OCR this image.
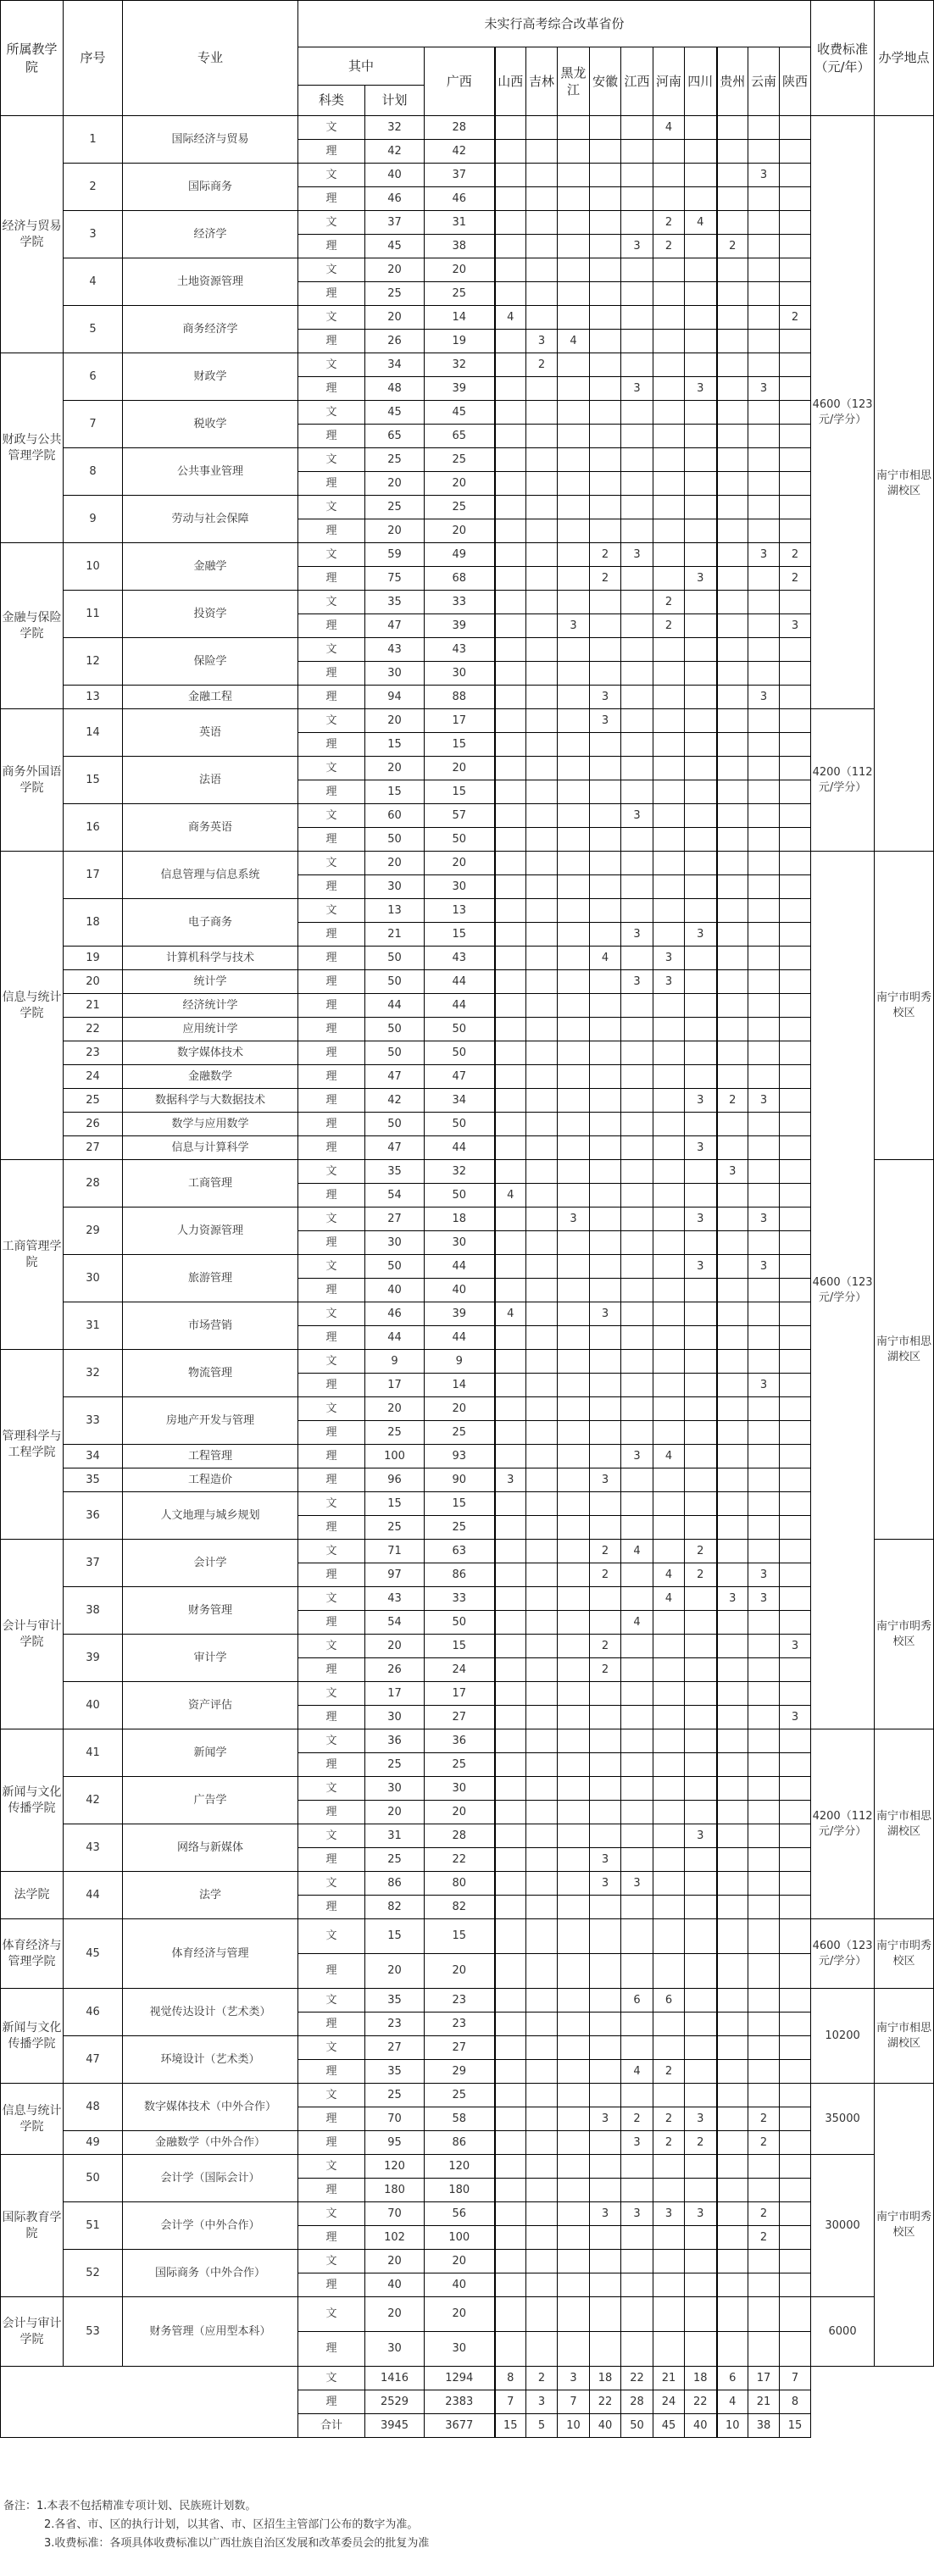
所属教学院	序号	专业	未实行高考综合改革省份													收费标准（元/年）	办学地点
			其中		广西	山西	吉林	黑龙江	安徽	江西	河南	四川	贵州	云南	陕西		
			科类	计划													
经济与贸易学院	1	国际经济与贸易	文	32	28						4					4600（123元/学分）	南宁市相思湖校区
			理	42	42												
	2	国际商务	文	40	37									3			
			理	46	46												
	3	经济学	文	37	31						2	4					
			理	45	38					3	2		2				
	4	土地资源管理	文	20	20												
			理	25	25												
	5	商务经济学	文	20	14	4									2		
			理	26	19		3	4									
财政与公共管理学院	6	财政学	文	34	32		2										
			理	48	39					3		3		3			
	7	税收学	文	45	45												
			理	65	65												
	8	公共事业管理	文	25	25												
			理	20	20												
	9	劳动与社会保障	文	25	25												
			理	20	20												
金融与保险学院	10	金融学	文	59	49				2	3				3	2		
			理	75	68				2			3			2		
	11	投资学	文	35	33						2						
			理	47	39			3			2				3		
	12	保险学	文	43	43												
			理	30	30												
	13	金融工程	理	94	88				3					3			
商务外国语学院	14	英语	文	20	17				3							4200（112元/学分）	
			理	15	15												
	15	法语	文	20	20												
			理	15	15												
	16	商务英语	文	60	57					3							
			理	50	50												
信息与统计学院	17	信息管理与信息系统	文	20	20											4600（123元/学分）	南宁市明秀校区
			理	30	30												
	18	电子商务	文	13	13												
			理	21	15					3		3					
	19	计算机科学与技术	理	50	43				4		3						
	20	统计学	理	50	44					3	3						
	21	经济统计学	理	44	44												
	22	应用统计学	理	50	50												
	23	数字媒体技术	理	50	50												
	24	金融数学	理	47	47												
	25	数据科学与大数据技术	理	42	34							3	2	3			
	26	数学与应用数学	理	50	50												
	27	信息与计算科学	理	47	44							3					
工商管理学院	28	工商管理	文	35	32								3				南宁市相思湖校区
			理	54	50	4											
	29	人力资源管理	文	27	18			3				3		3			
			理	30	30												
	30	旅游管理	文	50	44							3		3			
			理	40	40												
	31	市场营销	文	46	39	4			3								
			理	44	44												
管理科学与工程学院	32	物流管理	文	9	9												
			理	17	14									3			
	33	房地产开发与管理	文	20	20												
			理	25	25												
	34	工程管理	理	100	93					3	4						
	35	工程造价	理	96	90	3			3								
	36	人文地理与城乡规划	文	15	15												
			理	25	25												
会计与审计学院	37	会计学	文	71	63				2	4		2					南宁市明秀校区
			理	97	86				2		4	2		3			
	38	财务管理	文	43	33						4		3	3			
			理	54	50					4							
	39	审计学	文	20	15				2						3		
			理	26	24				2								
	40	资产评估	文	17	17												
			理	30	27										3		
新闻与文化传播学院	41	新闻学	文	36	36											4200（112元/学分）	南宁市相思湖校区
			理	25	25												
	42	广告学	文	30	30												
			理	20	20												
	43	网络与新媒体	文	31	28							3					
			理	25	22				3								
法学院	44	法学	文	86	80				3	3							
			理	82	82												
体育经济与管理学院	45	体育经济与管理	文	15	15											4600（123元/学分）	南宁市明秀校区
			理	20	20												
新闻与文化传播学院	46	视觉传达设计（艺术类）	文	35	23					6	6					10200	南宁市相思湖校区
			理	23	23												
	47	环境设计（艺术类）	文	27	27												
			理	35	29					4	2						
信息与统计学院	48	数字媒体技术（中外合作）	文	25	25											35000	南宁市明秀校区
			理	70	58				3	2	2	3		2			
	49	金融数学（中外合作）	理	95	86					3	2	2		2			
国际教育学院	50	会计学（国际会计）	文	120	120											30000	
			理	180	180												
	51	会计学（中外合作）	文	70	56				3	3	3	3		2			
			理	102	100									2			
	52	国际商务（中外合作）	文	20	20												
			理	40	40												
会计与审计学院	53	财务管理（应用型本科）	文	20	20											6000	
			理	30	30												
			文	1416	1294	8	2	3	18	22	21	18	6	17	7		
			理	2529	2383	7	3	7	22	28	24	22	4	21	8		
			合计	3945	3677	15	5	10	40	50	45	40	10	38	15		
备注：1.本表不包括精准专项计划、民族班计划数。
2.各省、市、区的执行计划，以其省、市、区招生主管部门公布的数字为准。
3.收费标准：各项具体收费标准以广西壮族自治区发展和改革委员会的批复为准
